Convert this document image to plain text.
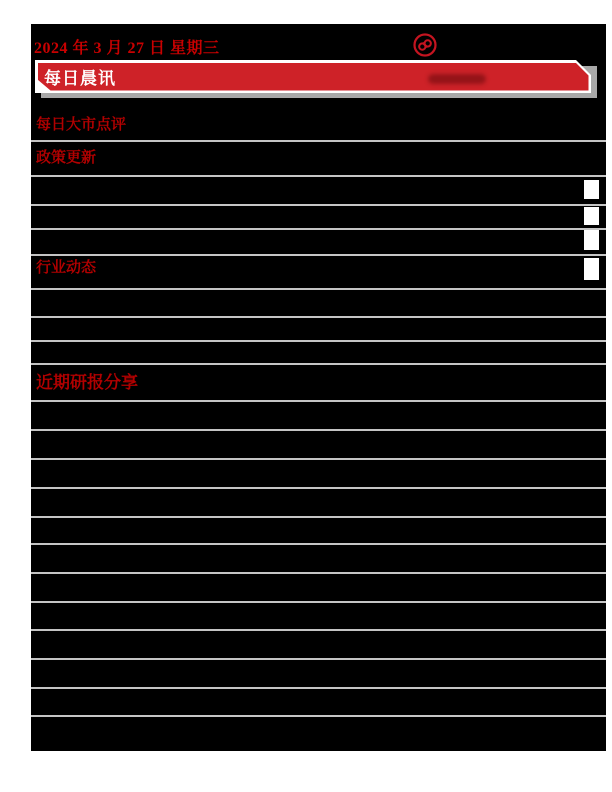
2024 年 3 月 27 日 星期三
每日晨讯
每日大市点评
政策更新
行业动态
近期研报分享
